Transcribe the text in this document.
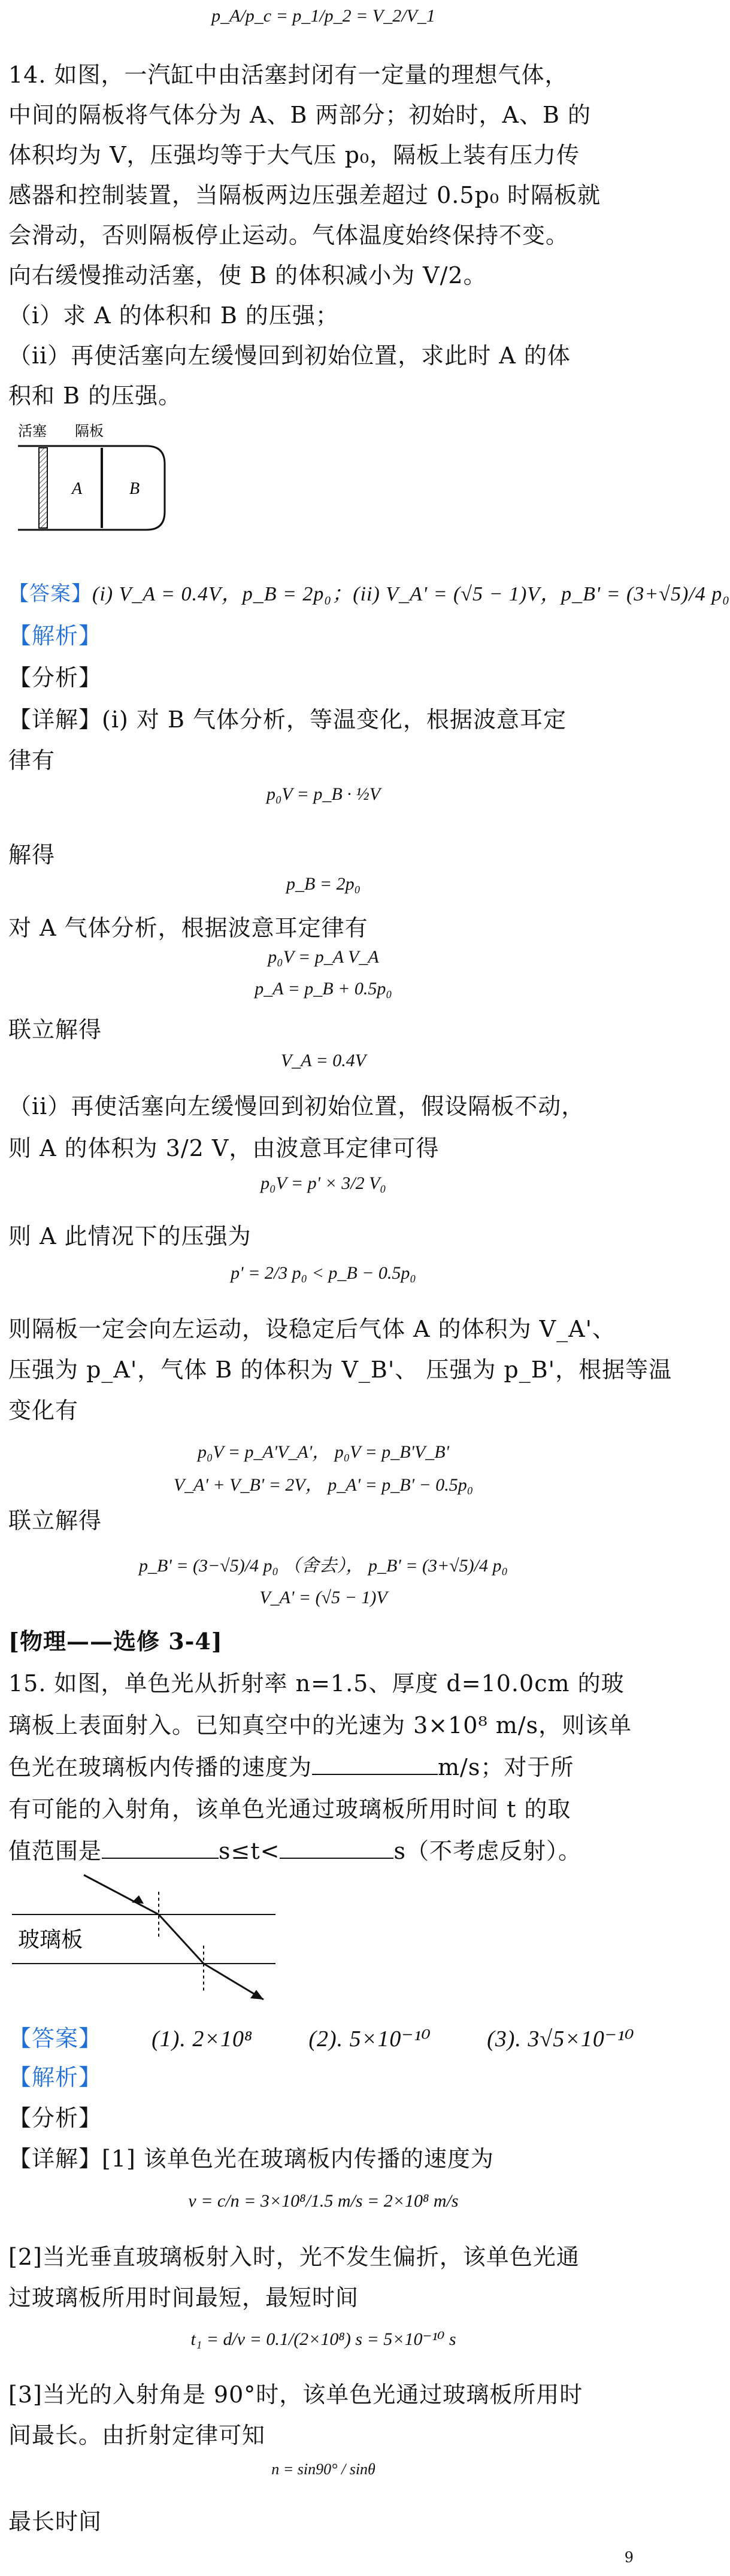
p_A/p_c = p_1/p_2 = V_2/V_1
14. 如图，一汽缸中由活塞封闭有一定量的理想气体，
中间的隔板将气体分为 A、B 两部分；初始时，A、B 的
体积均为 V，压强均等于大气压 p₀，隔板上装有压力传
感器和控制装置，当隔板两边压强差超过 0.5p₀ 时隔板就
会滑动，否则隔板停止运动。气体温度始终保持不变。
向右缓慢推动活塞，使 B 的体积减小为 V/2。
（i）求 A 的体积和 B 的压强；
（ii）再使活塞向左缓慢回到初始位置，求此时 A 的体
积和 B 的压强。
活塞 隔板
A	B
【答案】(i) V_A = 0.4V，p_B = 2p₀；(ii) V_A' = (√5 − 1)V，p_B' = (3+√5)/4 p₀
【解析】
【分析】
【详解】(i) 对 B 气体分析，等温变化，根据波意耳定
律有
p₀V = p_B · ½V
解得
p_B = 2p₀
对 A 气体分析，根据波意耳定律有
p₀V = p_A V_A
p_A = p_B + 0.5p₀
联立解得
V_A = 0.4V
（ii）再使活塞向左缓慢回到初始位置，假设隔板不动，
则 A 的体积为 3/2 V，由波意耳定律可得
p₀V = p' × 3/2 V₀
则 A 此情况下的压强为
p' = 2/3 p₀ < p_B − 0.5p₀
则隔板一定会向左运动，设稳定后气体 A 的体积为 V_A'、
压强为 p_A'，气体 B 的体积为 V_B'、 压强为 p_B'，根据等温
变化有
p₀V = p_A'V_A'， p₀V = p_B'V_B'
V_A' + V_B' = 2V， p_A' = p_B' − 0.5p₀
联立解得
p_B' = (3−√5)/4 p₀ （舍去）， p_B' = (3+√5)/4 p₀
V_A' = (√5 − 1)V
[物理——选修 3-4]
15. 如图，单色光从折射率 n=1.5、厚度 d=10.0cm 的玻
璃板上表面射入。已知真空中的光速为 3×10⁸ m/s，则该单
色光在玻璃板内传播的速度为	m/s；对于所
有可能的入射角，该单色光通过玻璃板所用时间 t 的取
值范围是	s≤t<	s（不考虑反射）。
玻璃板
【答案】 (1). 2×10⁸ (2). 5×10⁻¹⁰ (3). 3√5×10⁻¹⁰
【解析】
【分析】
【详解】[1] 该单色光在玻璃板内传播的速度为
v = c/n = 3×10⁸/1.5 m/s = 2×10⁸ m/s
[2]当光垂直玻璃板射入时，光不发生偏折，该单色光通
过玻璃板所用时间最短，最短时间
t₁ = d/v = 0.1/(2×10⁸) s = 5×10⁻¹⁰ s
[3]当光的入射角是 90°时，该单色光通过玻璃板所用时
间最长。由折射定律可知
n = sin90° / sinθ
最长时间
9
